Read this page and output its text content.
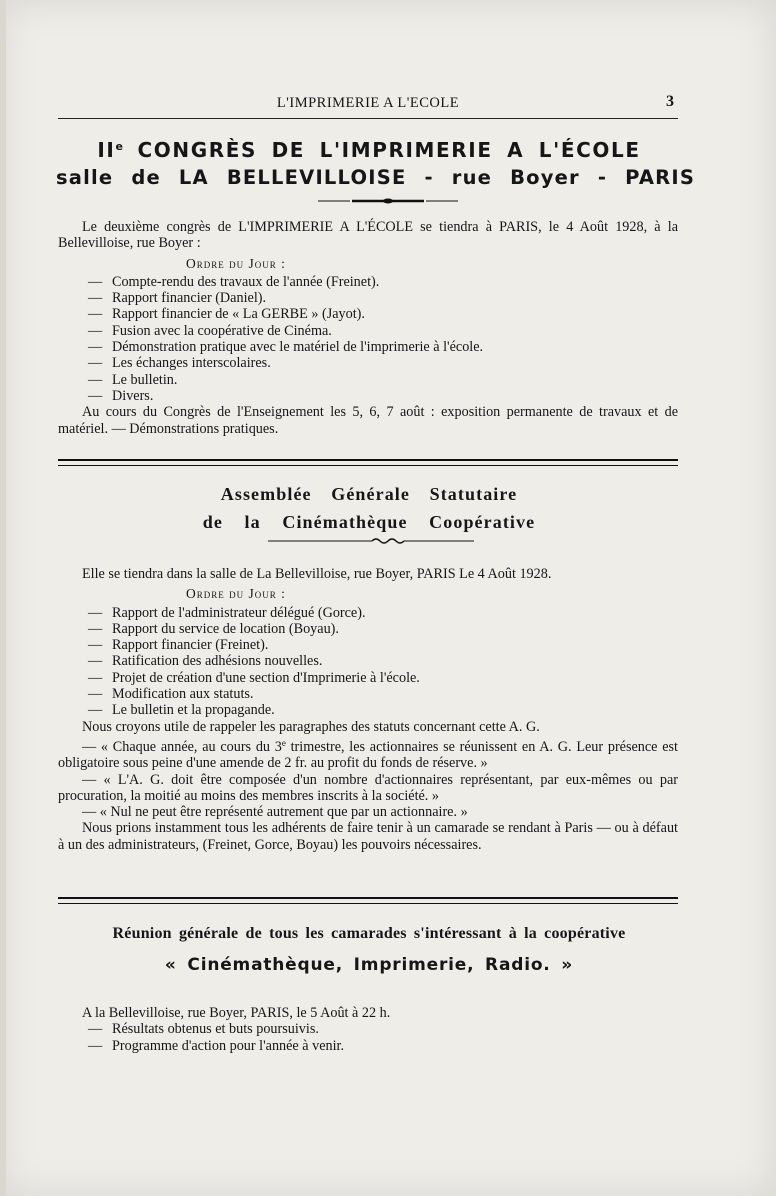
L'IMPRIMERIE A L'ECOLE	3
IIe CONGRÈS DE L'IMPRIMERIE A L'ÉCOLE
salle de LA BELLEVILLOISE - rue Boyer - PARIS

Le deuxième congrès de L'IMPRIMERIE A L'ÉCOLE se tiendra à PARIS, le 4 Août 1928, à la Bellevilloise, rue Boyer :

Ordre du Jour :
— Compte-rendu des travaux de l'année (Freinet).
— Rapport financier (Daniel).
— Rapport financier de « La GERBE » (Jayot).
— Fusion avec la coopérative de Cinéma.
— Démonstration pratique avec le matériel de l'imprimerie à l'école.
— Les échanges interscolaires.
— Le bulletin.
— Divers.

Au cours du Congrès de l'Enseignement les 5, 6, 7 août : exposition permanente de travaux et de matériel. — Démonstrations pratiques.

Assemblée Générale Statutaire
de la Cinémathèque Coopérative

Elle se tiendra dans la salle de La Bellevilloise, rue Boyer, PARIS Le 4 Août 1928.

Ordre du Jour :
— Rapport de l'administrateur délégué (Gorce).
— Rapport du service de location (Boyau).
— Rapport financier (Freinet).
— Ratification des adhésions nouvelles.
— Projet de création d'une section d'Imprimerie à l'école.
— Modification aux statuts.
— Le bulletin et la propagande.

Nous croyons utile de rappeler les paragraphes des statuts concernant cette A. G.

— « Chaque année, au cours du 3e trimestre, les actionnaires se réunissent en A. G. Leur présence est obligatoire sous peine d'une amende de 2 fr. au profit du fonds de réserve. »

— « L'A. G. doit être composée d'un nombre d'actionnaires représentant, par eux-mêmes ou par procuration, la moitié au moins des membres inscrits à la société. »

— « Nul ne peut être représenté autrement que par un actionnaire. »

Nous prions instamment tous les adhérents de faire tenir à un camarade se rendant à Paris — ou à défaut à un des administrateurs, (Freinet, Gorce, Boyau) les pouvoirs nécessaires.

Réunion générale de tous les camarades s'intéressant à la coopérative
« Cinémathèque, Imprimerie, Radio. »

A la Bellevilloise, rue Boyer, PARIS, le 5 Août à 22 h.

— Résultats obtenus et buts poursuivis.
— Programme d'action pour l'année à venir.
